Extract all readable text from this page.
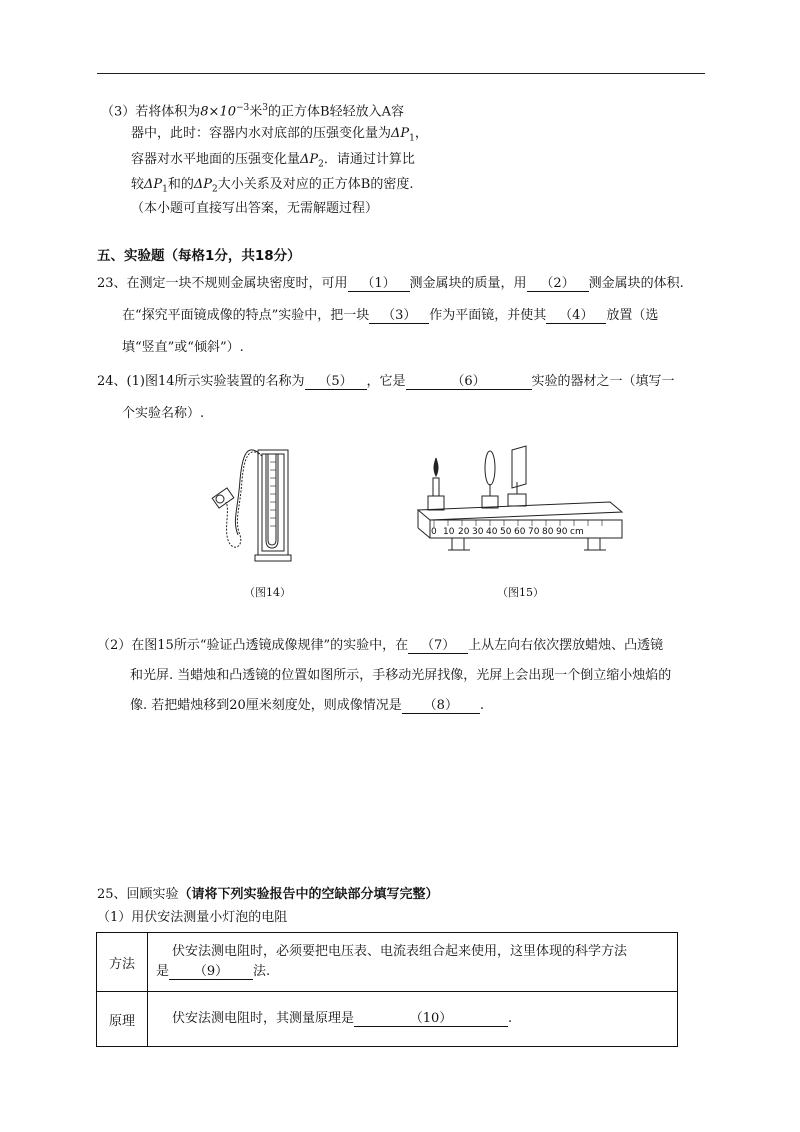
（3）若将体积为$8\times 10^{-3}$米$^3$的正方体B轻轻放入A容
器中，此时：容器内水对底部的压强变化量为$\Delta P_1$，
容器对水平地面的压强变化量$\Delta P_2$．请通过计算比
较$\Delta P_1$和的$\Delta P_2$大小关系及对应的正方体B的密度.
（本小题可直接写出答案，无需解题过程）
五、实验题（每格1分，共18分）
23、在测定一块不规则金属块密度时，可用 （1） 测金属块的质量，用 （2） 测金属块的体积.
在“探究平面镜成像的特点”实验中，把一块 （3） 作为平面镜，并使其 （4） 放置（选
填“竖直”或“倾斜”）.
24、(1)图14所示实验装置的名称为 （5） ，它是	（6）	实验的器材之一（填写一
个实验名称）.
（图14）
0 10 20 30 40 50 60 70 80 90 cm
（图15）
（2）在图15所示“验证凸透镜成像规律”的实验中，在 （7） 上从左向右依次摆放蜡烛、凸透镜
和光屏. 当蜡烛和凸透镜的位置如图所示，手移动光屏找像，光屏上会出现一个倒立缩小烛焰的
像. 若把蜡烛移到20厘米刻度处，则成像情况是 （8） .
25、回顾实验（请将下列实验报告中的空缺部分填写完整）
（1）用伏安法测量小灯泡的电阻
方法	伏安法测电阻时，必须要把电压表、电流表组合起来使用，这里体现的科学方法
是 （9） 法.

原理	伏安法测电阻时，其测量原理是 （10） .
